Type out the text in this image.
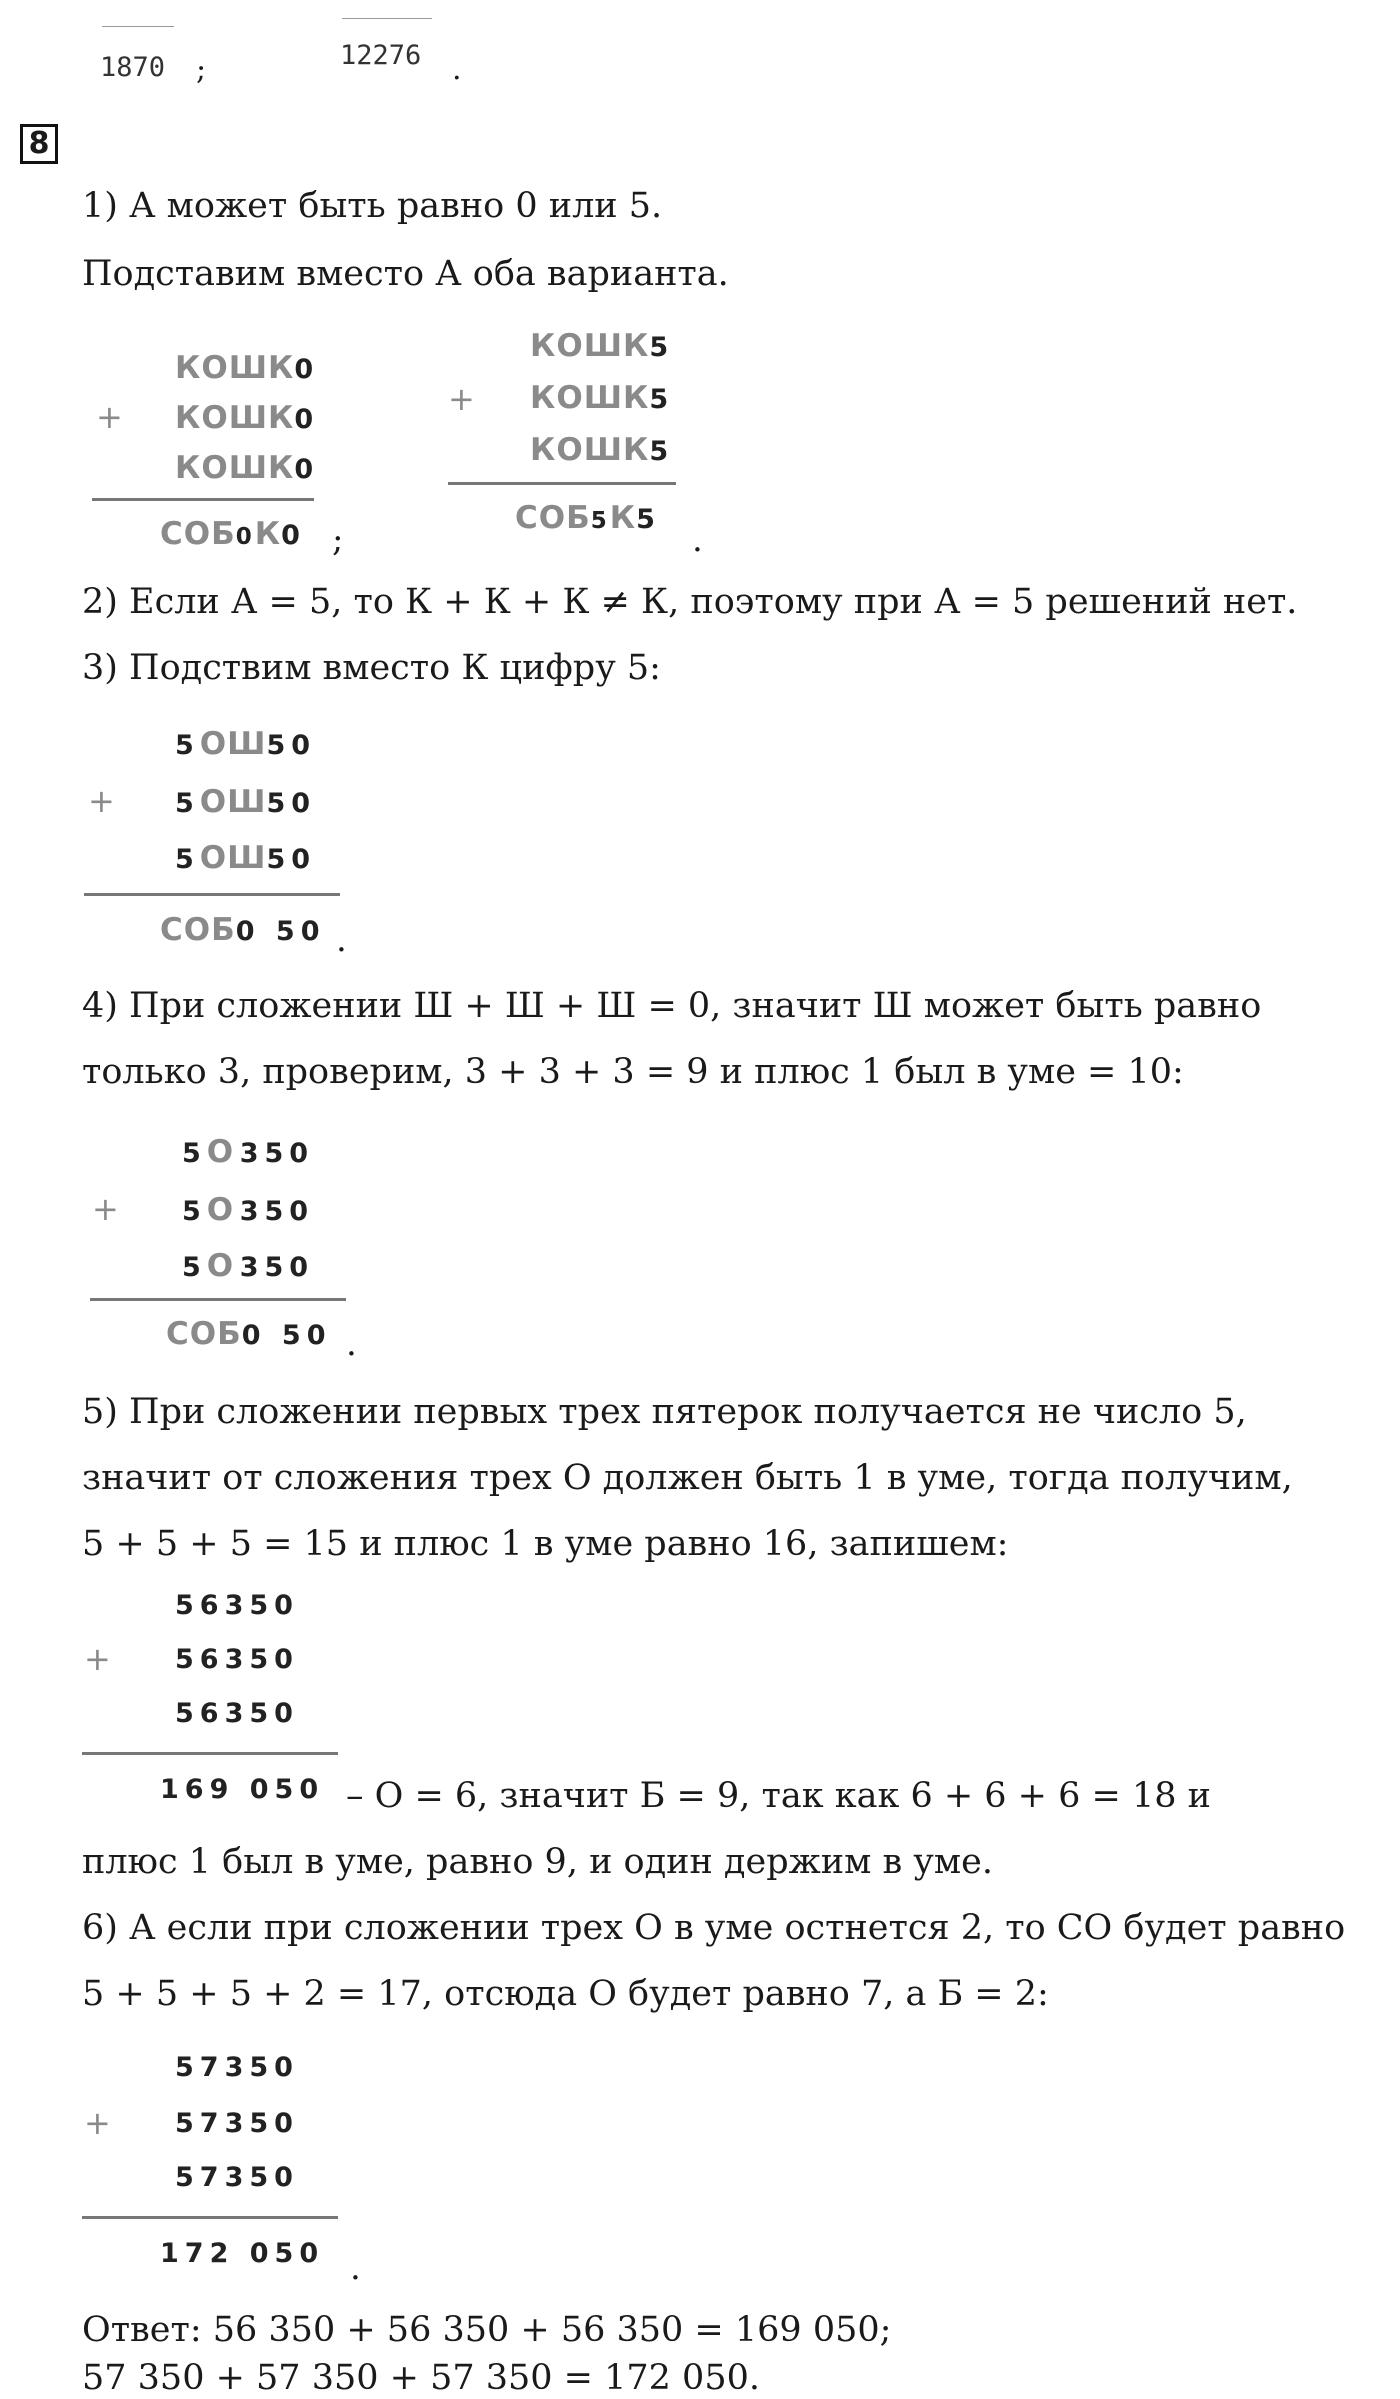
1870 ;	12276 .
8
1) А может быть равно 0 или 5.
Подставим вместо А оба варианта.
КОШК0
+ КОШК0
КОШК0
СОБ0К0 ;
КОШК5
+ КОШК5
КОШК5
СОБ5К5
.
2) Если А = 5, то К + К + К ≠ К, поэтому при А = 5 решений нет.
3) Подствим вместо К цифру 5:
5ОШ50
+ 5ОШ50
5ОШ50
СОБ0 50 .
4) При сложении Ш + Ш + Ш = 0, значит Ш может быть равно
только 3, проверим, 3 + 3 + 3 = 9 и плюс 1 был в уме = 10:
5О 350
+ 5О 350
5О 350
СОБ0 50 .
5) При сложении первых трех пятерок получается не число 5,
значит от сложения трех О должен быть 1 в уме, тогда получим,
5 + 5 + 5 = 15 и плюс 1 в уме равно 16, запишем:
56350
+ 56350
56350
169 050 – О = 6, значит Б = 9, так как 6 + 6 + 6 = 18 и
плюс 1 был в уме, равно 9, и один держим в уме.
6) А если при сложении трех О в уме остнется 2, то СО будет равно
5 + 5 + 5 + 2 = 17, отсюда О будет равно 7, а Б = 2:
57350
+ 57350
57350
172 050 .
Ответ: 56 350 + 56 350 + 56 350 = 169 050;
57 350 + 57 350 + 57 350 = 172 050.
